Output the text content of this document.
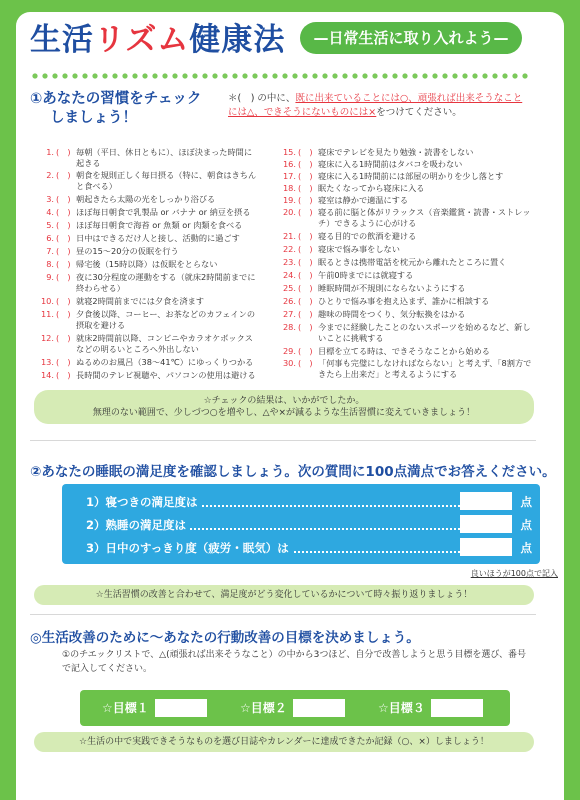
生活リズム健康法	—日常生活に取り入れよう—
①あなたの習慣をチェック
しましょう！
＊(　) の中に、既に出来ていることには○、頑張れば出来そうなことには△、できそうにないものには×をつけてください。
1. (　) 毎朝（平日、休日ともに）、ほぼ決まった時間に起きる
2. (　) 朝食を規則正しく毎日摂る（特に、朝食はきちんと食べる）
3. (　) 朝起きたら太陽の光をしっかり浴びる
4. (　) ほぼ毎日朝食で乳製品 or バナナ or 納豆を摂る
5. (　) ほぼ毎日朝食で海苔 or 魚類 or 肉類を食べる
6. (　) 日中はできるだけ人と接し、活動的に過ごす
7. (　) 昼の15～20分の仮眠を行う
8. (　) 帰宅後（15時以降）は仮眠をとらない
9. (　) 夜に30分程度の運動をする（就床2時間前までに終わらせる）
10. (　) 就寝2時間前までには夕食を済ます
11. (　) 夕食後以降、コーヒー、お茶などのカフェインの摂取を避ける
12. (　) 就床2時間前以降、コンビニやカラオケボックスなどの明るいところへ外出しない
13. (　) ぬるめのお風呂（38～41℃）にゆっくりつかる
14. (　) 長時間のテレビ視聴や、パソコンの使用は避ける
15. (　) 寝床でテレビを見たり勉強・読書をしない
16. (　) 寝床に入る1時間前はタバコを吸わない
17. (　) 寝床に入る1時間前には部屋の明かりを少し落とす
18. (　) 眠たくなってから寝床に入る
19. (　) 寝室は静かで適温にする
20. (　) 寝る前に脳と体がリラックス（音楽鑑賞・読書・ストレッチ）できるように心がける
21. (　) 寝る目的での飲酒を避ける
22. (　) 寝床で悩み事をしない
23. (　) 眠るときは携帯電話を枕元から離れたところに置く
24. (　) 午前0時までには就寝する
25. (　) 睡眠時間が不規則にならないようにする
26. (　) ひとりで悩み事を抱え込まず、誰かに相談する
27. (　) 趣味の時間をつくり、気分転換をはかる
28. (　) 今までに経験したことのないスポーツを始めるなど、新しいことに挑戦する
29. (　) 目標を立てる時は、できそうなことから始める
30. (　) 「何事も完璧にしなければならない」と考えず、「8割方できたら上出来だ」と考えるようにする
☆チェックの結果は、いかがでしたか。
無理のない範囲で、少しづつ○を増やし、△や×が減るような生活習慣に変えていきましょう！
②あなたの睡眠の満足度を確認しましょう。次の質問に100点満点でお答えください。
1）寝つきの満足度は	点
2）熟睡の満足度は	点
3）日中のすっきり度（疲労・眠気）は	点
良いほうが100点で記入
☆生活習慣の改善と合わせて、満足度がどう変化しているかについて時々振り返りましょう！
◎生活改善のために～あなたの行動改善の目標を決めましょう。
①のチエックリストで、△(頑張れば出来そうなこと）の中から3つほど、自分で改善しようと思う目標を選び、番号で記入してください。
☆目標１	☆目標２	☆目標３
☆生活の中で実践できそうなものを選び日誌やカレンダーに達成できたか記録（○、×）しましょう！
